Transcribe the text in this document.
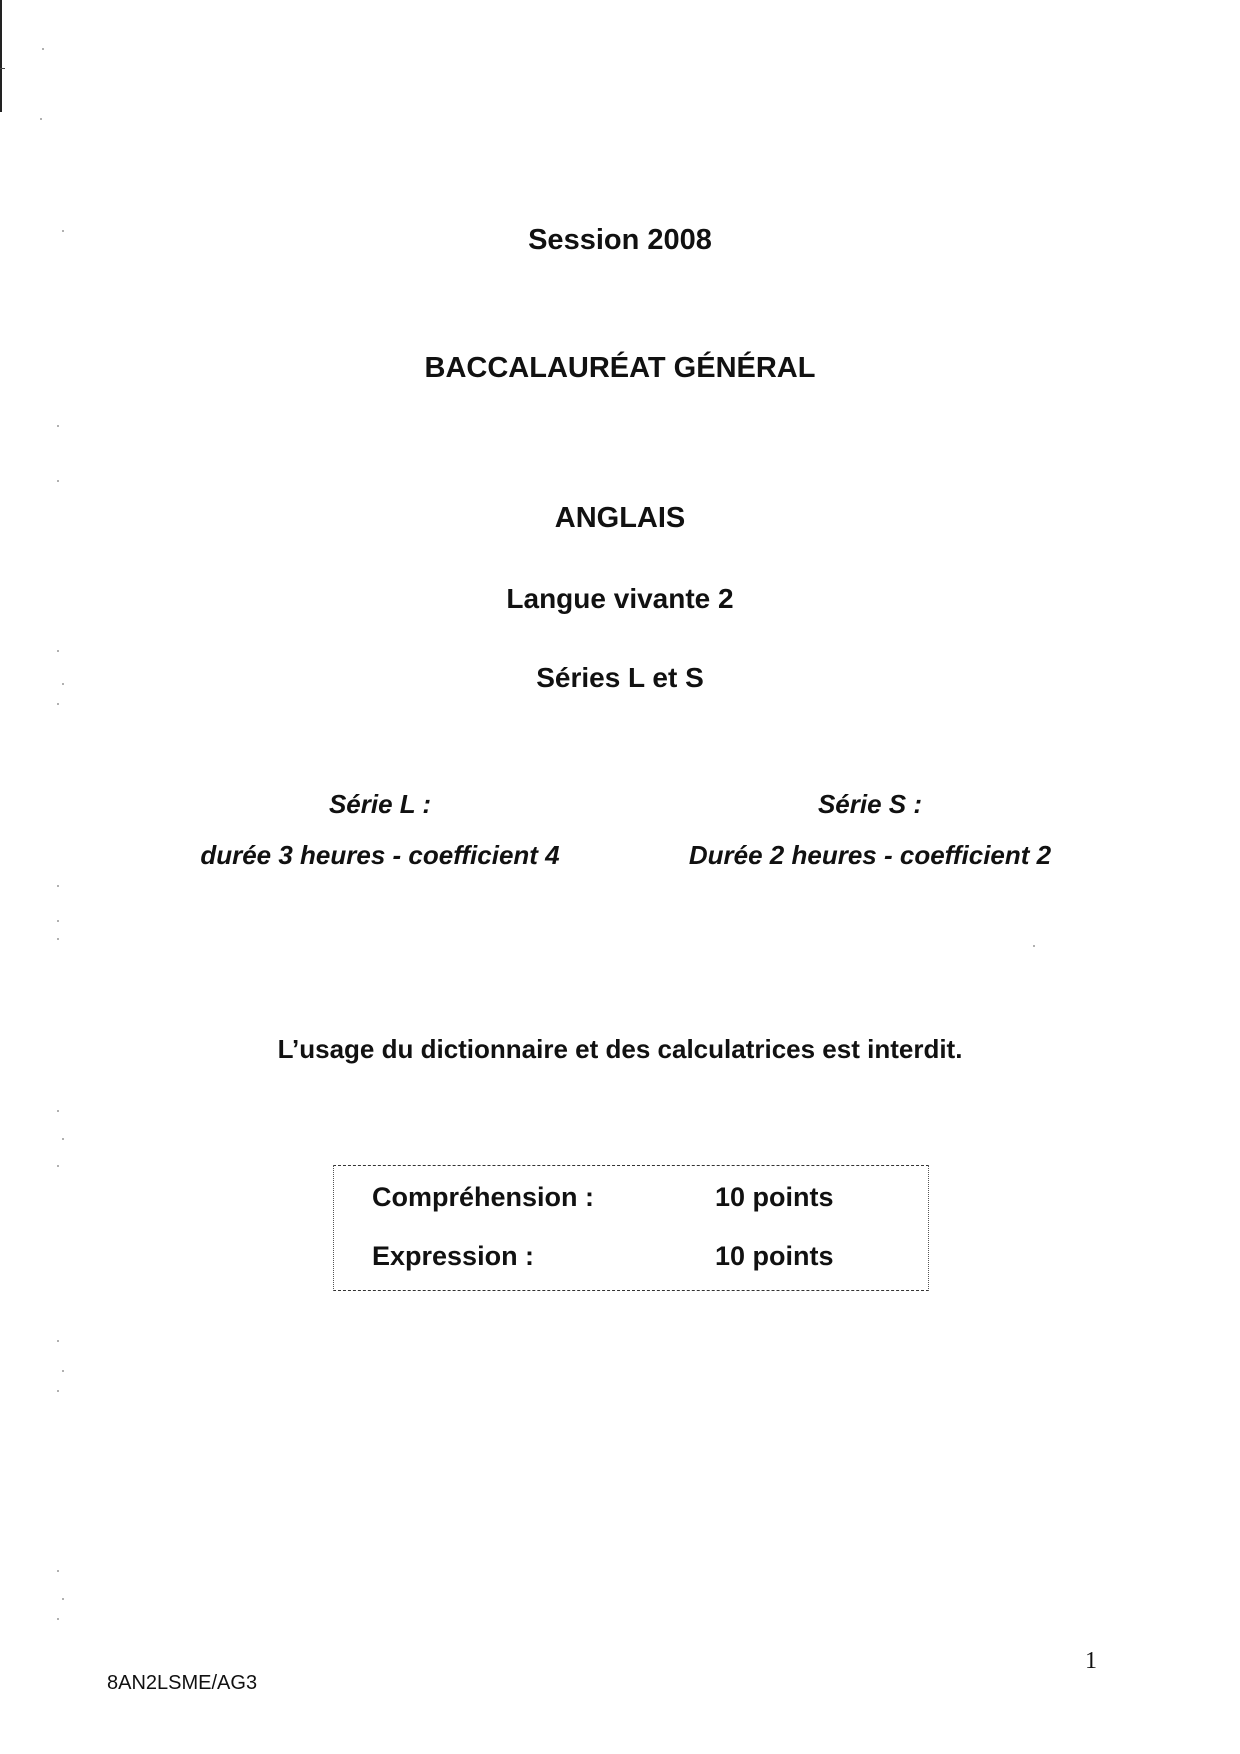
Session 2008
BACCALAURÉAT GÉNÉRAL
ANGLAIS
Langue vivante 2
Séries L et S
Série L :
durée 3 heures - coefficient 4
Série S :
Durée 2 heures - coefficient 2
L’usage du dictionnaire et des calculatrices est interdit.
Compréhension :	10 points
Expression :	10 points
1
8AN2LSME/AG3
